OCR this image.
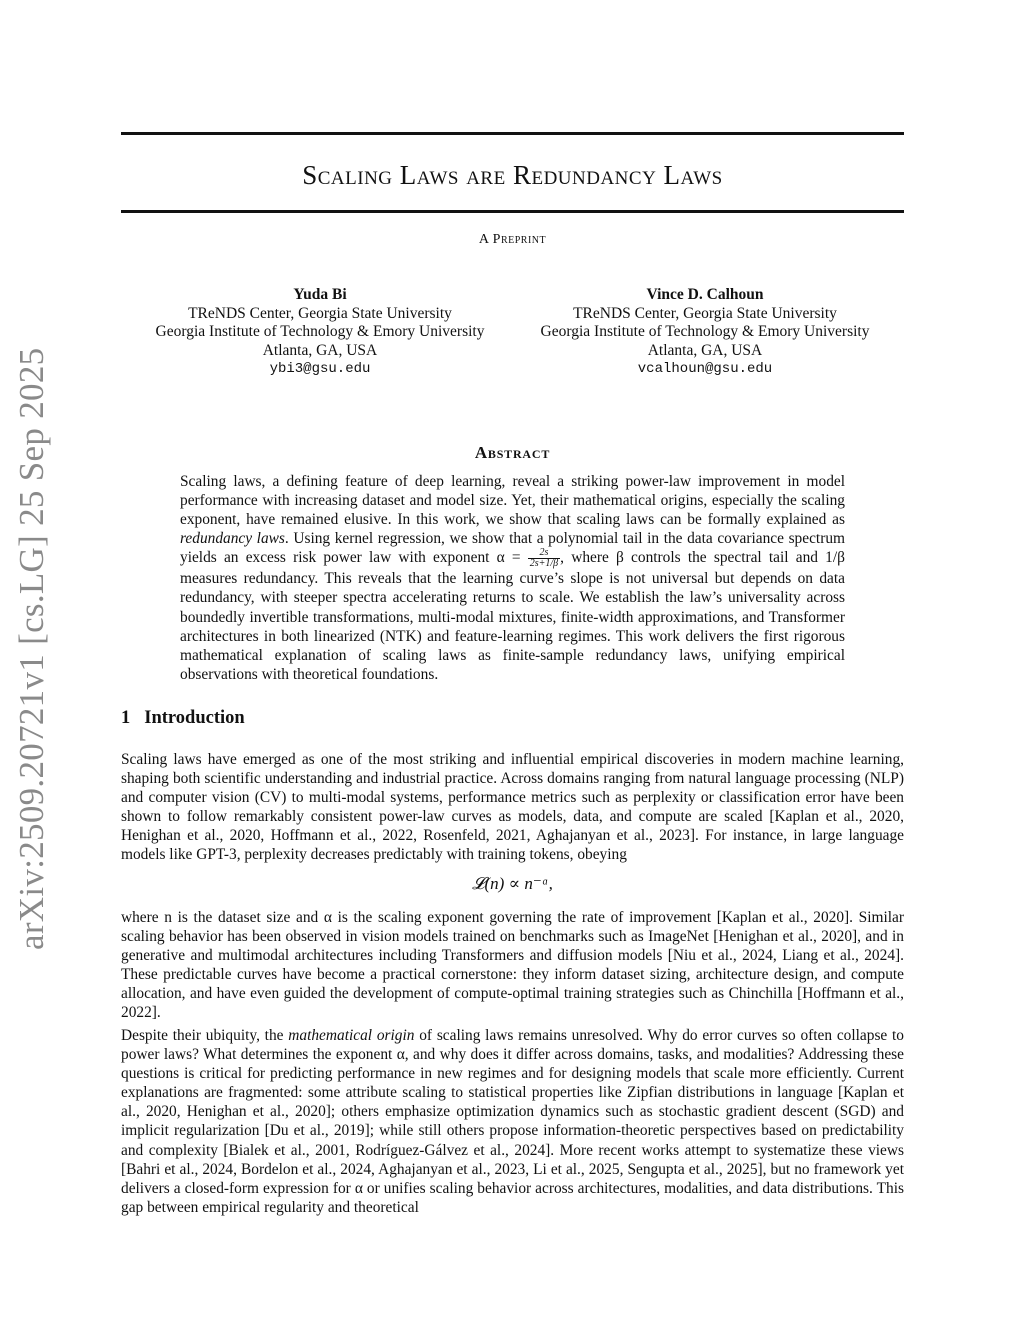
Scaling Laws are Redundancy Laws
A Preprint
Yuda Bi
TReNDS Center, Georgia State University
Georgia Institute of Technology & Emory University
Atlanta, GA, USA
ybi3@gsu.edu
Vince D. Calhoun
TReNDS Center, Georgia State University
Georgia Institute of Technology & Emory University
Atlanta, GA, USA
vcalhoun@gsu.edu
arXiv:2509.20721v1 [cs.LG] 25 Sep 2025	Abstract

Scaling laws, a defining feature of deep learning, reveal a striking power-law improvement in model performance with increasing dataset and model size. Yet, their mathematical origins, especially the scaling exponent, have remained elusive. In this work, we show that scaling laws can be formally explained as redundancy laws. Using kernel regression, we show that a polynomial tail in the data covariance spectrum yields an excess risk power law with exponent $\alpha = \frac{2s}{2s+1/\beta}$ , where β controls the spectral tail and 1/β measures redundancy. This reveals that the learning curve’s slope is not universal but depends on data redundancy, with steeper spectra accelerating returns to scale. We establish the law’s universality across boundedly invertible transformations, multi-modal mixtures, finite-width approximations, and Transformer architectures in both linearized (NTK) and feature-learning regimes. This work delivers the first rigorous mathematical explanation of scaling laws as finite-sample redundancy laws, unifying empirical observations with theoretical foundations.

1 Introduction

Scaling laws have emerged as one of the most striking and influential empirical discoveries in modern machine learning, shaping both scientific understanding and industrial practice. Across domains ranging from natural language processing (NLP) and computer vision (CV) to multi-modal systems, performance metrics such as perplexity or classification error have been shown to follow remarkably consistent power-law curves as models, data, and compute are scaled [Kaplan et al., 2020, Henighan et al., 2020, Hoffmann et al., 2022, Rosenfeld, 2021, Aghajanyan et al., 2023]. For instance, in large language models like GPT-3, perplexity decreases predictably with training tokens, obeying

𝓛(n) ∝ n⁻ᵅ,

where n is the dataset size and α is the scaling exponent governing the rate of improvement [Kaplan et al., 2020]. Similar scaling behavior has been observed in vision models trained on benchmarks such as ImageNet [Henighan et al., 2020], and in generative and multimodal architectures including Transformers and diffusion models [Niu et al., 2024, Liang et al., 2024]. These predictable curves have become a practical cornerstone: they inform dataset sizing, architecture design, and compute allocation, and have even guided the development of compute-optimal training strategies such as Chinchilla [Hoffmann et al., 2022].

Despite their ubiquity, the mathematical origin of scaling laws remains unresolved. Why do error curves so often collapse to power laws? What determines the exponent α, and why does it differ across domains, tasks, and modalities? Addressing these questions is critical for predicting performance in new regimes and for designing models that scale more efficiently. Current explanations are fragmented: some attribute scaling to statistical properties like Zipfian distributions in language [Kaplan et al., 2020, Henighan et al., 2020]; others emphasize optimization dynamics such as stochastic gradient descent (SGD) and implicit regularization [Du et al., 2019]; while still others propose information-theoretic perspectives based on predictability and complexity [Bialek et al., 2001, Rodríguez-Gálvez et al., 2024]. More recent works attempt to systematize these views [Bahri et al., 2024, Bordelon et al., 2024, Aghajanyan et al., 2023, Li et al., 2025, Sengupta et al., 2025], but no framework yet delivers a closed-form expression for α or unifies scaling behavior across architectures, modalities, and data distributions. This gap between empirical regularity and theoretical
